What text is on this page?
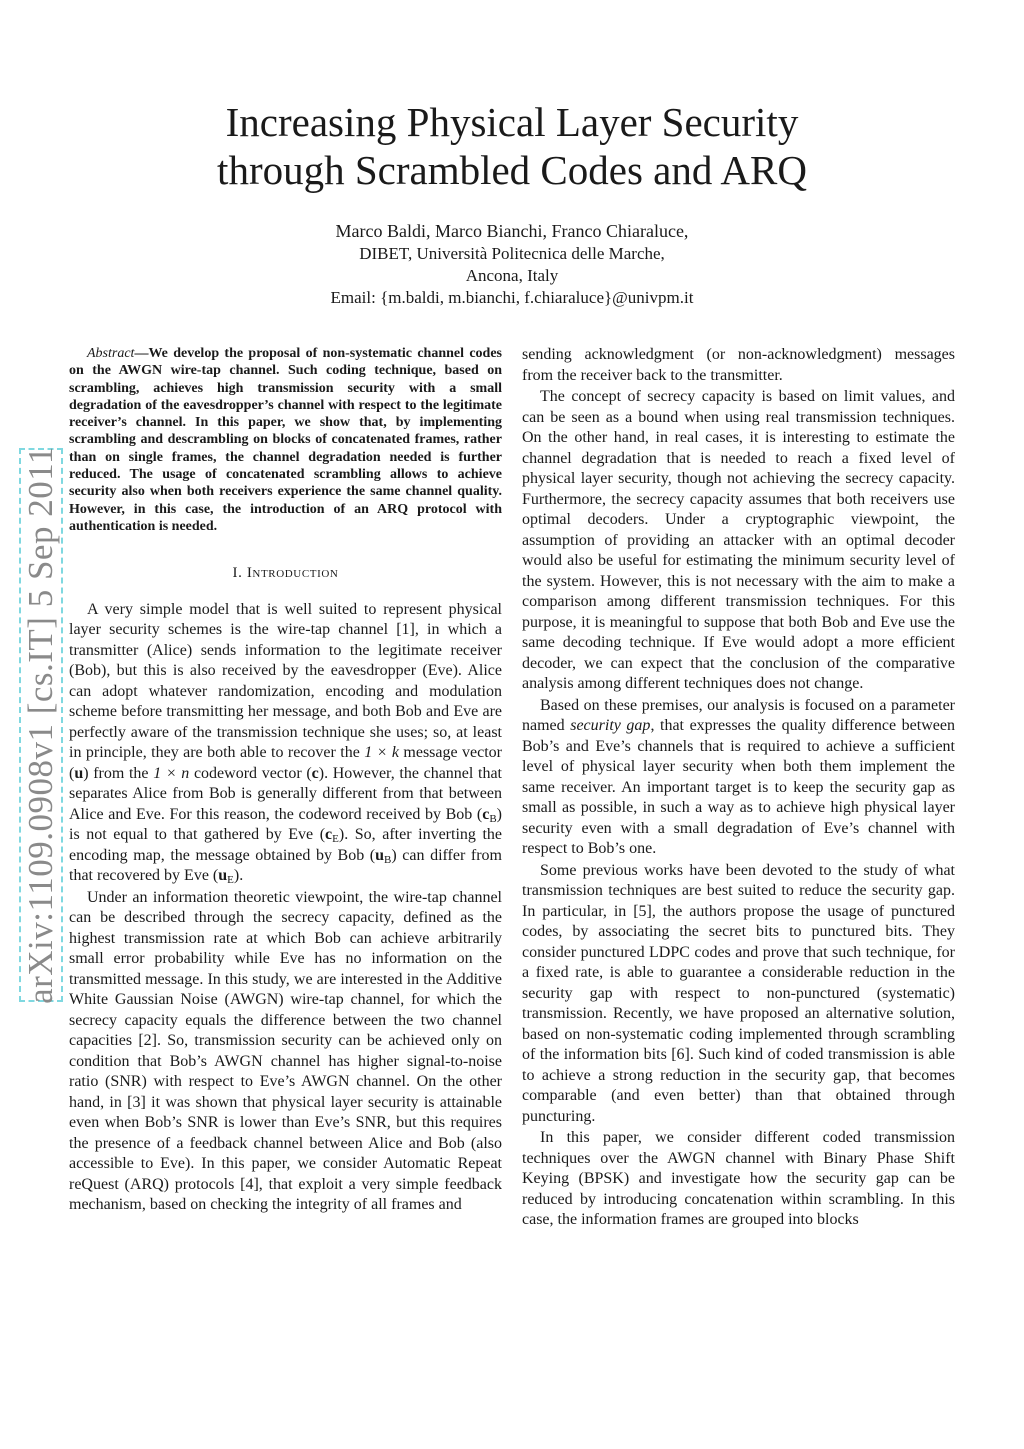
arXiv:1109.0908v1 [cs.IT] 5 Sep 2011
Increasing Physical Layer Security
through Scrambled Codes and ARQ
Marco Baldi, Marco Bianchi, Franco Chiaraluce,
DIBET, Università Politecnica delle Marche,
Ancona, Italy
Email: {m.baldi, m.bianchi, f.chiaraluce}@univpm.it

Abstract—We develop the proposal of non-systematic channel codes on the AWGN wire-tap channel. Such coding technique, based on scrambling, achieves high transmission security with a small degradation of the eavesdropper’s channel with respect to the legitimate receiver’s channel. In this paper, we show that, by implementing scrambling and descrambling on blocks of concatenated frames, rather than on single frames, the channel degradation needed is further reduced. The usage of concatenated scrambling allows to achieve security also when both receivers experience the same channel quality. However, in this case, the introduction of an ARQ protocol with authentication is needed.

I. Introduction

A very simple model that is well suited to represent physical layer security schemes is the wire-tap channel [1], in which a transmitter (Alice) sends information to the legitimate receiver (Bob), but this is also received by the eavesdropper (Eve). Alice can adopt whatever randomization, encoding and modulation scheme before transmitting her message, and both Bob and Eve are perfectly aware of the transmission technique she uses; so, at least in principle, they are both able to recover the 1 × k message vector (u) from the 1 × n codeword vector (c). However, the channel that separates Alice from Bob is generally different from that between Alice and Eve. For this reason, the codeword received by Bob $(c_B)$ is not equal to that gathered by Eve $(c_E)$. So, after inverting the encoding map, the message obtained by Bob $(u_B)$ can differ from that recovered by Eve $(u_E)$.

Under an information theoretic viewpoint, the wire-tap channel can be described through the secrecy capacity, defined as the highest transmission rate at which Bob can achieve arbitrarily small error probability while Eve has no information on the transmitted message. In this study, we are interested in the Additive White Gaussian Noise (AWGN) wire-tap channel, for which the secrecy capacity equals the difference between the two channel capacities [2]. So, transmission security can be achieved only on condition that Bob’s AWGN channel has higher signal-to-noise ratio (SNR) with respect to Eve’s AWGN channel. On the other hand, in [3] it was shown that physical layer security is attainable even when Bob’s SNR is lower than Eve’s SNR, but this requires the presence of a feedback channel between Alice and Bob (also accessible to Eve). In this paper, we consider Automatic Repeat reQuest (ARQ) protocols [4], that exploit a very simple feedback mechanism, based on checking the integrity of all frames and

sending acknowledgment (or non-acknowledgment) messages from the receiver back to the transmitter.

The concept of secrecy capacity is based on limit values, and can be seen as a bound when using real transmission techniques. On the other hand, in real cases, it is interesting to estimate the channel degradation that is needed to reach a fixed level of physical layer security, though not achieving the secrecy capacity. Furthermore, the secrecy capacity assumes that both receivers use optimal decoders. Under a cryptographic viewpoint, the assumption of providing an attacker with an optimal decoder would also be useful for estimating the minimum security level of the system. However, this is not necessary with the aim to make a comparison among different transmission techniques. For this purpose, it is meaningful to suppose that both Bob and Eve use the same decoding technique. If Eve would adopt a more efficient decoder, we can expect that the conclusion of the comparative analysis among different techniques does not change.

Based on these premises, our analysis is focused on a parameter named security gap, that expresses the quality difference between Bob’s and Eve’s channels that is required to achieve a sufficient level of physical layer security when both them implement the same receiver. An important target is to keep the security gap as small as possible, in such a way as to achieve high physical layer security even with a small degradation of Eve’s channel with respect to Bob’s one.

Some previous works have been devoted to the study of what transmission techniques are best suited to reduce the security gap. In particular, in [5], the authors propose the usage of punctured codes, by associating the secret bits to punctured bits. They consider punctured LDPC codes and prove that such technique, for a fixed rate, is able to guarantee a considerable reduction in the security gap with respect to non-punctured (systematic) transmission. Recently, we have proposed an alternative solution, based on non-systematic coding implemented through scrambling of the information bits [6]. Such kind of coded transmission is able to achieve a strong reduction in the security gap, that becomes comparable (and even better) than that obtained through puncturing.

In this paper, we consider different coded transmission techniques over the AWGN channel with Binary Phase Shift Keying (BPSK) and investigate how the security gap can be reduced by introducing concatenation within scrambling. In this case, the information frames are grouped into blocks
